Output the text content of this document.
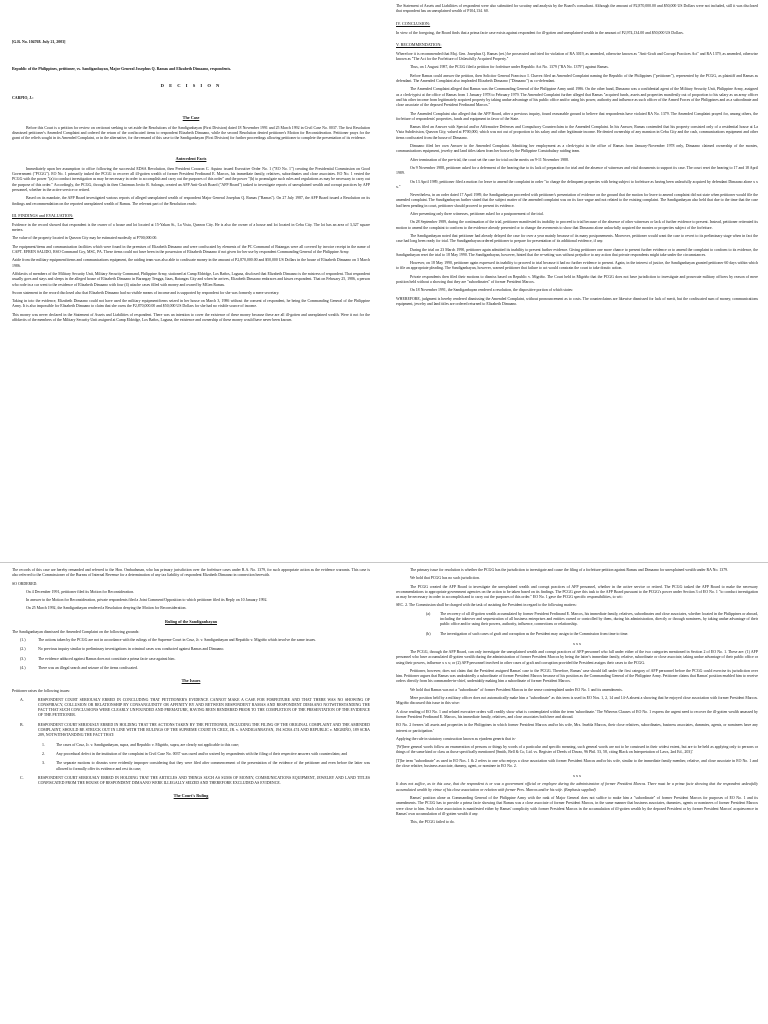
[G.R. No. 104768. July 21, 2003]

Republic of the Philippines, petitioner, vs. Sandiganbayan, Major General Josephus Q. Ramas and Elizabeth Dimaano, respondents.

D E C I S I O N

CARPIO, J.:

The Case

Before this Court is a petition for review on certiorari seeking to set aside the Resolutions of the Sandiganbayan (First Division) dated 18 November 1991 and 25 March 1992 in Civil Case No. 0037. The first Resolution dismissed petitioner's Amended Complaint and ordered the return of the confiscated items to respondent Elizabeth Dimaano, while the second Resolution denied petitioner's Motion for Reconsideration. Petitioner prays for the grant of the reliefs sought in its Amended Complaint, or in the alternative, for the remand of this case to the Sandiganbayan (First Division) for further proceedings allowing petitioner to complete the presentation of its evidence.

Antecedent Facts

Immediately upon her assumption to office following the successful EDSA Revolution, then President Corazon C. Aquino issued Executive Order No. 1 ("EO No. 1") creating the Presidential Commission on Good Government ("PCGG"). EO No. 1 primarily tasked the PCGG to recover all ill-gotten wealth of former President Ferdinand E. Marcos, his immediate family, relatives, subordinates and close associates. EO No. 1 vested the PCGG with the power "(a) to conduct investigation as may be necessary in order to accomplish and carry out the purposes of this order" and the power "(h) to promulgate such rules and regulations as may be necessary to carry out the purpose of this order." Accordingly, the PCGG, through its then Chairman Jovito R. Salonga, created an AFP Anti-Graft Board ("AFP Board") tasked to investigate reports of unexplained wealth and corrupt practices by AFP personnel, whether in the active service or retired.

Based on its mandate, the AFP Board investigated various reports of alleged unexplained wealth of respondent Major General Josephus Q. Ramas ("Ramas"). On 27 July 1987, the AFP Board issued a Resolution on its findings and recommendation on the reported unexplained wealth of Ramas. The relevant part of the Resolution reads:

III. FINDINGS and EVALUATION:

Evidence in the record showed that respondent is the owner of a house and lot located at 15-Yakan St., La Vista, Quezon City. He is also the owner of a house and lot located in Cebu City. The lot has an area of 3,327 square meters.

The value of the property located in Quezon City may be estimated modestly at P700,000.00.

The equipment/items and communication facilities which were found in the premises of Elizabeth Dimaano and were confiscated by elements of the PC Command of Batangas were all covered by invoice receipt in the name of CAPT. EFREN SALIDO, RSO Command Coy, MSC, PA. These items could not have been in the possession of Elizabeth Dimaano if not given for her use by respondent Commanding General of the Philippine Army.

Aside from the military equipment/items and communications equipment, the raiding team was also able to confiscate money in the amount of P2,870,000.00 and $50,000 US Dollars in the house of Elizabeth Dimaano on 3 March 1986.

Affidavits of members of the Military Security Unit, Military Security Command, Philippine Army, stationed at Camp Eldridge, Los Baños, Laguna, disclosed that Elizabeth Dimaano is the mistress of respondent. That respondent usually goes and stays and sleeps in the alleged house of Elizabeth Dimaano in Barangay Tengga, Itaas, Batangas City and when he arrives, Elizabeth Dimaano embraces and kisses respondent. That on February 25, 1986, a person who rode in a car went to the residence of Elizabeth Dimaano with four (4) attache cases filled with money and owned by MGen Ramas.

Sworn statement in the record disclosed also that Elizabeth Dimaano had no visible means of income and is supported by respondent for she was formerly a mere secretary.

Taking in toto the evidence, Elizabeth Dimaano could not have used the military equipment/items seized in her house on March 3, 1986 without the consent of respondent, he being the Commanding General of the Philippine Army. It is also impossible for Elizabeth Dimaano to claim that she owns the P2,870,000.00 and $50,000 US Dollars for she had no visible source of income.

This money was never declared in the Statement of Assets and Liabilities of respondent. There was an intention to cover the existence of these money because these are all ill-gotten and unexplained wealth. Were it not for the affidavits of the members of the Military Security Unit assigned at Camp Eldridge, Los Baños, Laguna, the existence and ownership of these money would have never been known.

The Statement of Assets and Liabilities of respondent were also submitted for scrutiny and analysis by the Board's consultant. Although the amount of P2,870,000.00 and $50,000 US Dollars were not included, still it was disclosed that respondent has an unexplained wealth of P104,134. 60.

IV. CONCLUSION:

In view of the foregoing, the Board finds that a prima facie case exists against respondent for ill-gotten and unexplained wealth in the amount of P2,974,134.00 and $50,000 US Dollars.

V. RECOMMENDATION:

Wherefore it is recommended that Maj. Gen. Josephus Q. Ramas (ret.) be prosecuted and tried for violation of RA 3019, as amended, otherwise known as "Anti-Graft and Corrupt Practices Act" and RA 1379, as amended, otherwise known as "The Act for the Forfeiture of Unlawfully Acquired Property."

Thus, on 1 August 1987, the PCGG filed a petition for forfeiture under Republic Act No. 1379 ("RA No. 1379") against Ramas.

Before Ramas could answer the petition, then Solicitor General Francisco I. Chavez filed an Amended Complaint naming the Republic of the Philippines ("petitioner"), represented by the PCGG, as plaintiff and Ramas as defendant. The Amended Complaint also impleaded Elizabeth Dimaano ("Dimaano") as co-defendant.

The Amended Complaint alleged that Ramas was the Commanding General of the Philippine Army until 1986. On the other hand, Dimaano was a confidential agent of the Military Security Unit, Philippine Army, assigned as a clerk-typist at the office of Ramas from 1 January 1978 to February 1979. The Amended Complaint further alleged that Ramas "acquired funds, assets and properties manifestly out of proportion to his salary as an army officer and his other income from legitimately acquired property by taking undue advantage of his public office and/or using his power, authority and influence as such officer of the Armed Forces of the Philippines and as a subordinate and close associate of the deposed President Ferdinand Marcos."

The Amended Complaint also alleged that the AFP Board, after a previous inquiry, found reasonable ground to believe that respondents have violated RA No. 1379. The Amended Complaint prayed for, among others, the forfeiture of respondents' properties, funds and equipment in favor of the State.

Ramas filed an Answer with Special and/or Affirmative Defenses and Compulsory Counterclaim to the Amended Complaint. In his Answer, Ramas contended that his property consisted only of a residential house at La Vista Subdivision, Quezon City, valued at P700,000, which was not out of proportion to his salary and other legitimate income. He denied ownership of any mansion in Cebu City and the cash, communications equipment and other items confiscated from the house of Dimaano.

Dimaano filed her own Answer to the Amended Complaint. Admitting her employment as a clerk-typist in the office of Ramas from January-November 1978 only, Dimaano claimed ownership of the monies, communications equipment, jewelry and land titles taken from her house by the Philippine Constabulary raiding team.

After termination of the pre-trial, the court set the case for trial on the merits on 9-11 November 1988.

On 9 November 1988, petitioner asked for a deferment of the hearing due to its lack of preparation for trial and the absence of witnesses and vital documents to support its case. The court reset the hearing to 17 and 18 April 1989.

On 13 April 1989, petitioner filed a motion for leave to amend the complaint in order "to charge the delinquent properties with being subject to forfeiture as having been unlawfully acquired by defendant Dimaano alone x x x."

Nevertheless, in an order dated 17 April 1989, the Sandiganbayan proceeded with petitioner's presentation of evidence on the ground that the motion for leave to amend complaint did not state when petitioner would file the amended complaint. The Sandiganbayan further stated that the subject matter of the amended complaint was on its face vague and not related to the existing complaint. The Sandiganbayan also held that due to the time that the case had been pending in court, petitioner should proceed to present its evidence.

After presenting only three witnesses, petitioner asked for a postponement of the trial.

On 28 September 1989, during the continuation of the trial, petitioner manifested its inability to proceed to trial because of the absence of other witnesses or lack of further evidence to present. Instead, petitioner reiterated its motion to amend the complaint to conform to the evidence already presented or to change the averments to show that Dimaano alone unlawfully acquired the monies or properties subject of the forfeiture.

The Sandiganbayan noted that petitioner had already delayed the case for over a year mainly because of its many postponements. Moreover, petitioner would want the case to revert to its preliminary stage when in fact the case had long been ready for trial. The Sandiganbayan ordered petitioner to prepare for presentation of its additional evidence, if any.

During the trial on 23 March 1990, petitioner again admitted its inability to present further evidence. Giving petitioner one more chance to present further evidence or to amend the complaint to conform to its evidence, the Sandiganbayan reset the trial to 18 May 1990. The Sandiganbayan, however, hinted that the re-setting was without prejudice to any action that private respondents might take under the circumstances.

However, on 18 May 1990, petitioner again expressed its inability to proceed to trial because it had no further evidence to present. Again, in the interest of justice, the Sandiganbayan granted petitioner 60 days within which to file an appropriate pleading. The Sandiganbayan, however, warned petitioner that failure to act would constrain the court to take drastic action.

Private respondents then filed their motions to dismiss based on Republic v. Migriño. The Court held in Migriño that the PCGG does not have jurisdiction to investigate and prosecute military officers by reason of mere position held without a showing that they are "subordinates" of former President Marcos.

On 18 November 1991, the Sandiganbayan rendered a resolution, the dispositive portion of which states:

WHEREFORE, judgment is hereby rendered dismissing the Amended Complaint, without pronouncement as to costs. The counterclaims are likewise dismissed for lack of merit, but the confiscated sum of money, communications equipment, jewelry and land titles are ordered returned to Elizabeth Dimaano.

The records of this case are hereby remanded and referred to the Hon. Ombudsman, who has primary jurisdiction over the forfeiture cases under R.A. No. 1379, for such appropriate action as the evidence warrants. This case is also referred to the Commissioner of the Bureau of Internal Revenue for a determination of any tax liability of respondent Elizabeth Dimaano in connection herewith.

SO ORDERED.

On 4 December 1991, petitioner filed its Motion for Reconsideration.

In answer to the Motion for Reconsideration, private respondents filed a Joint Comment/Opposition to which petitioner filed its Reply on 10 January 1992.

On 25 March 1992, the Sandiganbayan rendered a Resolution denying the Motion for Reconsideration.

Ruling of the Sandiganbayan

The Sandiganbayan dismissed the Amended Complaint on the following grounds:

(1.)	The actions taken by the PCGG are not in accordance with the rulings of the Supreme Court in Cruz, Jr. v. Sandiganbayan and Republic v. Migriño which involve the same issues.
(2.)	No previous inquiry similar to preliminary investigations in criminal cases was conducted against Ramas and Dimaano.
(3.)	The evidence adduced against Ramas does not constitute a prima facie case against him.
(4.)	There was an illegal search and seizure of the items confiscated.
The Issues

Petitioner raises the following issues:

A.	RESPONDENT COURT SERIOUSLY ERRED IN CONCLUDING THAT PETITIONER'S EVIDENCE CANNOT MAKE A CASE FOR FORFEITURE AND THAT THERE WAS NO SHOWING OF CONSPIRACY, COLLUSION OR RELATIONSHIP BY CONSANGUINITY OR AFFINITY BY AND BETWEEN RESPONDENT RAMAS AND RESPONDENT DIMAANO NOTWITHSTANDING THE FACT THAT SUCH CONCLUSIONS WERE CLEARLY UNFOUNDED AND PREMATURE, HAVING BEEN RENDERED PRIOR TO THE COMPLETION OF THE PRESENTATION OF THE EVIDENCE OF THE PETITIONER.
B.	RESPONDENT COURT SERIOUSLY ERRED IN HOLDING THAT THE ACTIONS TAKEN BY THE PETITIONER, INCLUDING THE FILING OF THE ORIGINAL COMPLAINT AND THE AMENDED COMPLAINT, SHOULD BE STRUCK OUT IN LINE WITH THE RULINGS OF THE SUPREME COURT IN CRUZ, JR. v. SANDIGANBAYAN, 194 SCRA 474 AND REPUBLIC v. MIGRIÑO, 189 SCRA 289, NOTWITHSTANDING THE FACT THAT:
1.	The cases of Cruz, Jr. v. Sandiganbayan, supra, and Republic v. Migriño, supra, are clearly not applicable to this case;
2.	Any procedural defect in the institution of the complaint in Civil Case No. 0037 was cured and/or waived by respondents with the filing of their respective answers with counterclaim; and
3.	The separate motions to dismiss were evidently improper considering that they were filed after commencement of the presentation of the evidence of the petitioner and even before the latter was allowed to formally offer its evidence and rest its case;
C.	RESPONDENT COURT SERIOUSLY ERRED IN HOLDING THAT THE ARTICLES AND THINGS SUCH AS SUMS OF MONEY, COMMUNICATIONS EQUIPMENT, JEWELRY AND LAND TITLES CONFISCATED FROM THE HOUSE OF RESPONDENT DIMAANO WERE ILLEGALLY SEIZED AND THEREFORE EXCLUDED AS EVIDENCE.
The Court's Ruling

The primary issue for resolution is whether the PCGG has the jurisdiction to investigate and cause the filing of a forfeiture petition against Ramas and Dimaano for unexplained wealth under RA No. 1379.

We hold that PCGG has no such jurisdiction.

The PCGG created the AFP Board to investigate the unexplained wealth and corrupt practices of AFP personnel, whether in the active service or retired. The PCGG tasked the AFP Board to make the necessary recommendations to appropriate government agencies on the action to be taken based on its findings. The PCGG gave this task to the AFP Board pursuant to the PCGG's power under Section 3 of EO No. 1 "to conduct investigation as may be necessary in order to accomplish and to carry out the purposes of this order." EO No. 1 gave the PCGG specific responsibilities, to wit:

SEC. 2. The Commission shall be charged with the task of assisting the President in regard to the following matters:

(a) The recovery of all ill-gotten wealth accumulated by former President Ferdinand E. Marcos, his immediate family, relatives, subordinates and close associates, whether located in the Philippines or abroad, including the takeover and sequestration of all business enterprises and entities owned or controlled by them, during his administration, directly or through nominees, by taking undue advantage of their public office and/or using their powers, authority, influence, connections or relationship.
(b) The investigation of such cases of graft and corruption as the President may assign to the Commission from time to time.
x x x

The PCGG, through the AFP Board, can only investigate the unexplained wealth and corrupt practices of AFP personnel who fall under either of the two categories mentioned in Section 2 of EO No. 1. These are: (1) AFP personnel who have accumulated ill-gotten wealth during the administration of former President Marcos by being the latter's immediate family, relative, subordinate or close associate, taking undue advantage of their public office or using their powers, influence x x x; or (2) AFP personnel involved in other cases of graft and corruption provided the President assigns their cases to the PCGG.

Petitioner, however, does not claim that the President assigned Ramas' case to the PCGG. Therefore, Ramas' case should fall under the first category of AFP personnel before the PCGG could exercise its jurisdiction over him. Petitioner argues that Ramas was undoubtedly a subordinate of former President Marcos because of his position as the Commanding General of the Philippine Army. Petitioner claims that Ramas' position enabled him to receive orders directly from his commander-in-chief, undeniably making him a subordinate of former President Marcos.

We hold that Ramas was not a "subordinate" of former President Marcos in the sense contemplated under EO No. 1 and its amendments.

Mere position held by a military officer does not automatically make him a "subordinate" as this term is used in EO Nos. 1, 2, 14 and 14-A absent a showing that he enjoyed close association with former President Marcos. Migriño discussed this issue in this wise:

A close reading of EO No. 1 and related executive orders will readily show what is contemplated within the term 'subordinate.' The Whereas Clauses of EO No. 1 express the urgent need to recover the ill-gotten wealth amassed by former President Ferdinand E. Marcos, his immediate family, relatives, and close associates both here and abroad.

EO No. 2 freezes 'all assets and properties in the Philippines in which former President Marcos and/or his wife, Mrs. Imelda Marcos, their close relatives, subordinates, business associates, dummies, agents, or nominees have any interest or participation.'

Applying the rule in statutory construction known as ejusdem generis that is-

'[W]here general words follow an enumeration of persons or things by words of a particular and specific meaning, such general words are not to be construed in their widest extent, but are to be held as applying only to persons or things of the same kind or class as those specifically mentioned [Smith, Bell & Co, Ltd. vs. Register of Deeds of Davao, 96 Phil. 53, 58, citing Black on Interpretation of Laws, 2nd Ed., 203].'

[T]he term "subordinate" as used in EO Nos. 1 & 2 refers to one who enjoys a close association with former President Marcos and/or his wife, similar to the immediate family member, relative, and close associate in EO No. 1 and the close relative, business associate, dummy, agent, or nominee in EO No. 2.

x x x

It does not suffice, as in this case, that the respondent is or was a government official or employee during the administration of former President Marcos. There must be a prima facie showing that the respondent unlawfully accumulated wealth by virtue of his close association or relation with former Pres. Marcos and/or his wife. (Emphasis supplied)

Ramas' position alone as Commanding General of the Philippine Army with the rank of Major General does not suffice to make him a "subordinate" of former President Marcos for purposes of EO No. 1 and its amendments. The PCGG has to provide a prima facie showing that Ramas was a close associate of former President Marcos, in the same manner that business associates, dummies, agents or nominees of former President Marcos were close to him. Such close association is manifested either by Ramas' complicity with former President Marcos in the accumulation of ill-gotten wealth by the deposed President or by former President Marcos' acquiescence in Ramas' own accumulation of ill-gotten wealth if any.

This, the PCGG failed to do.
